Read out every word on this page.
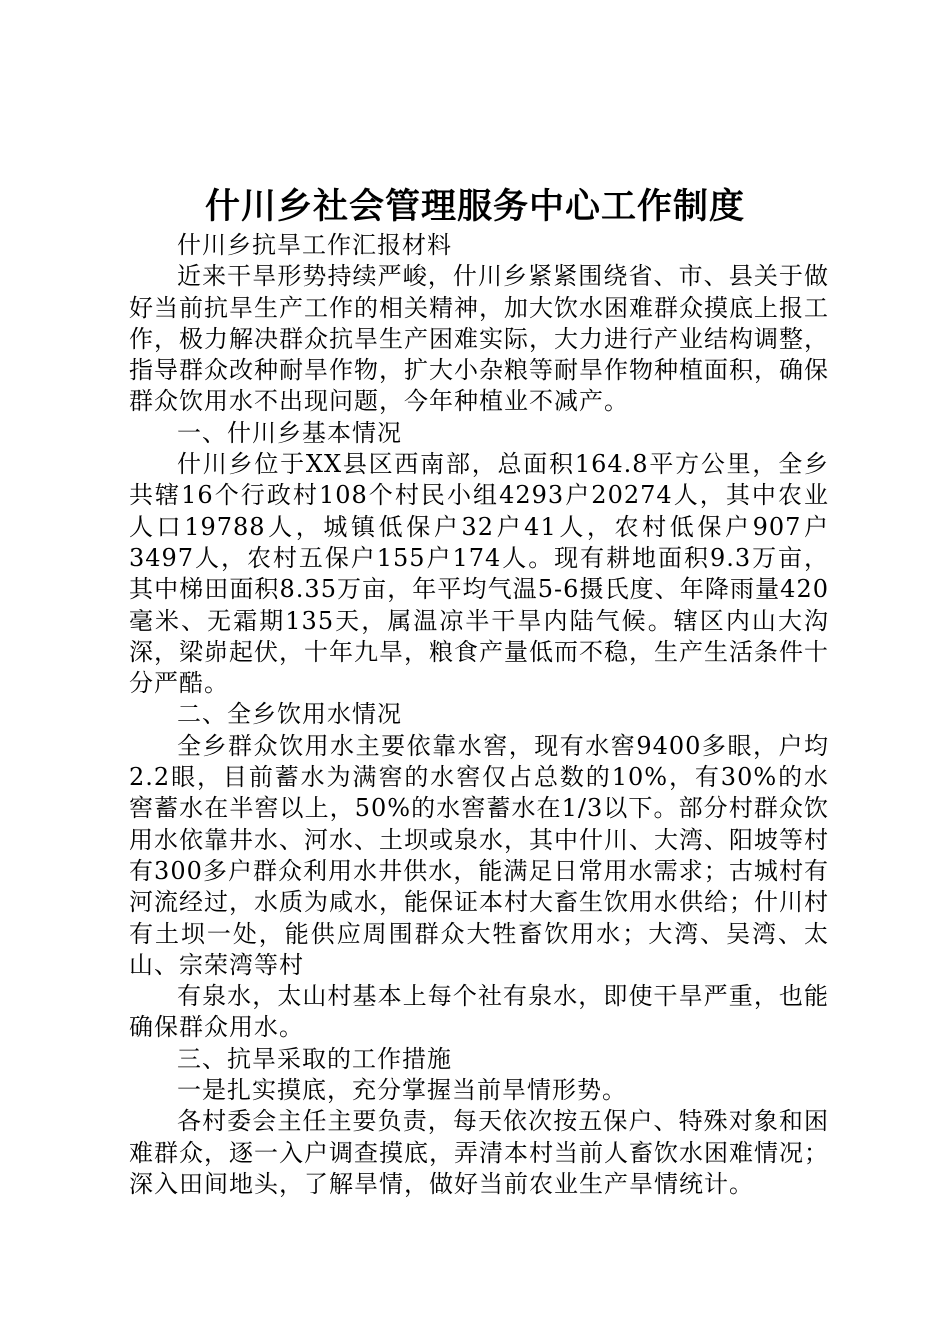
什川乡社会管理服务中心工作制度

什川乡抗旱工作汇报材料

近来干旱形势持续严峻，什川乡紧紧围绕省、市、县关于做好当前抗旱生产工作的相关精神，加大饮水困难群众摸底上报工作，极力解决群众抗旱生产困难实际，大力进行产业结构调整，指导群众改种耐旱作物，扩大小杂粮等耐旱作物种植面积，确保群众饮用水不出现问题，今年种植业不减产。

一、什川乡基本情况

什川乡位于XX县区西南部，总面积164.8平方公里，全乡共辖16个行政村108个村民小组4293户20274人，其中农业人口19788人，城镇低保户32户41人，农村低保户907户3497人，农村五保户155户174人。现有耕地面积9.3万亩，其中梯田面积8.35万亩，年平均气温5-6摄氏度、年降雨量420毫米、无霜期135天，属温凉半干旱内陆气候。辖区内山大沟深，梁峁起伏，十年九旱，粮食产量低而不稳，生产生活条件十分严酷。

二、全乡饮用水情况

全乡群众饮用水主要依靠水窖，现有水窖9400多眼，户均2.2眼，目前蓄水为满窖的水窖仅占总数的10%，有30%的水窖蓄水在半窖以上，50%的水窖蓄水在1/3以下。部分村群众饮用水依靠井水、河水、土坝或泉水，其中什川、大湾、阳坡等村有300多户群众利用水井供水，能满足日常用水需求；古城村有河流经过，水质为咸水，能保证本村大畜生饮用水供给；什川村有土坝一处，能供应周围群众大牲畜饮用水；大湾、吴湾、太山、宗荣湾等村

有泉水，太山村基本上每个社有泉水，即使干旱严重，也能确保群众用水。

三、抗旱采取的工作措施

一是扎实摸底，充分掌握当前旱情形势。

各村委会主任主要负责，每天依次按五保户、特殊对象和困难群众，逐一入户调查摸底，弄清本村当前人畜饮水困难情况；深入田间地头，了解旱情，做好当前农业生产旱情统计。
